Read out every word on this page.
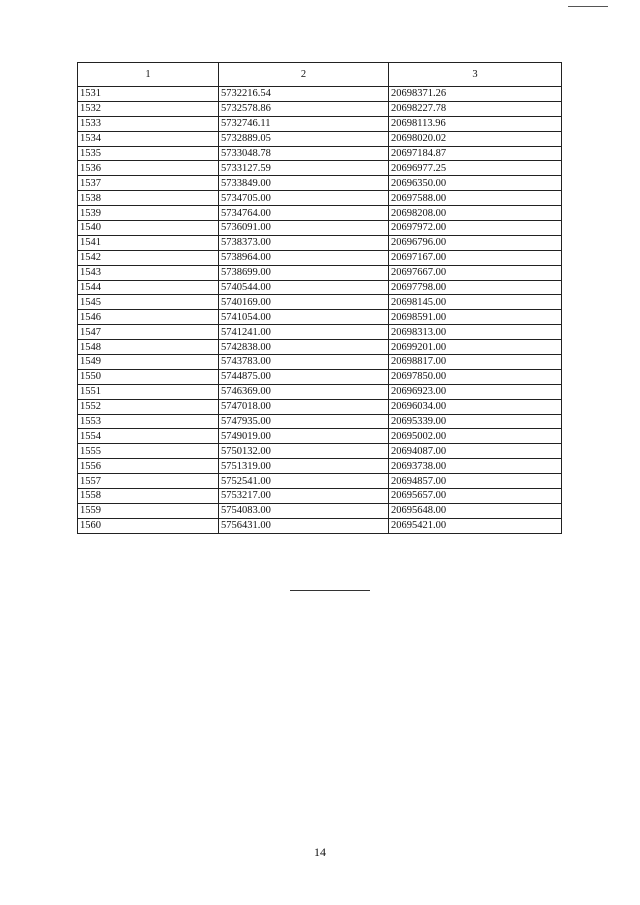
1	2	3
1531	5732216.54	20698371.26
1532	5732578.86	20698227.78
1533	5732746.11	20698113.96
1534	5732889.05	20698020.02
1535	5733048.78	20697184.87
1536	5733127.59	20696977.25
1537	5733849.00	20696350.00
1538	5734705.00	20697588.00
1539	5734764.00	20698208.00
1540	5736091.00	20697972.00
1541	5738373.00	20696796.00
1542	5738964.00	20697167.00
1543	5738699.00	20697667.00
1544	5740544.00	20697798.00
1545	5740169.00	20698145.00
1546	5741054.00	20698591.00
1547	5741241.00	20698313.00
1548	5742838.00	20699201.00
1549	5743783.00	20698817.00
1550	5744875.00	20697850.00
1551	5746369.00	20696923.00
1552	5747018.00	20696034.00
1553	5747935.00	20695339.00
1554	5749019.00	20695002.00
1555	5750132.00	20694087.00
1556	5751319.00	20693738.00
1557	5752541.00	20694857.00
1558	5753217.00	20695657.00
1559	5754083.00	20695648.00
1560	5756431.00	20695421.00
14
